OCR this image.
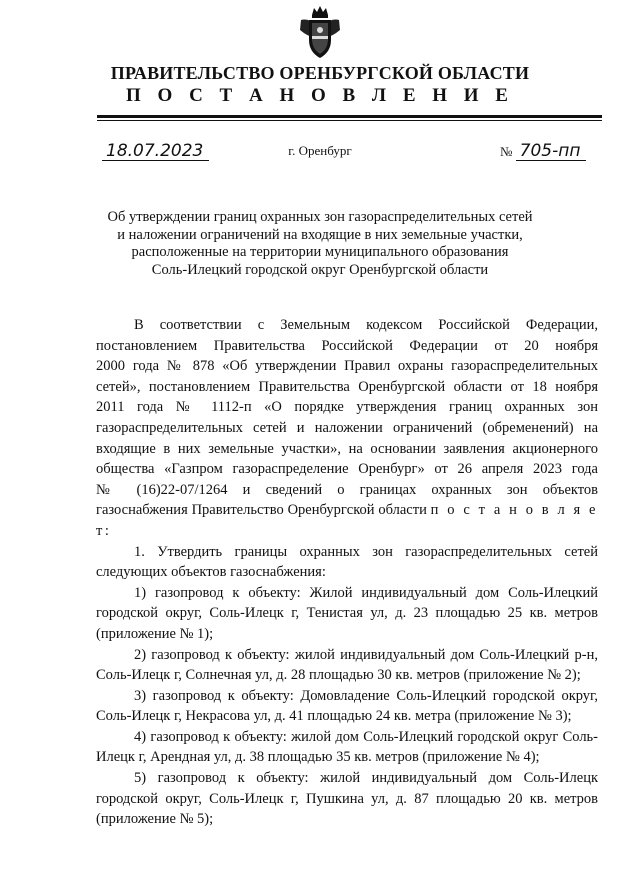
ПРАВИТЕЛЬСТВО ОРЕНБУРГСКОЙ ОБЛАСТИ
П О С Т А Н О В Л Е Н И Е
18.07.2023	г. Оренбург	№ 705-пп
Об утверждении границ охранных зон газораспределительных сетей
и наложении ограничений на входящие в них земельные участки,
расположенные на территории муниципального образования
Соль-Илецкий городской округ Оренбургской области

В соответствии с Земельным кодексом Российской Федерации,

постановлением Правительства Российской Федерации от 20 ноября

2000 года № 878 «Об утверждении Правил охраны газораспределительных

сетей», постановлением Правительства Оренбургской области от 18 ноября

2011 года № 1112-п «О порядке утверждения границ охранных зон

газораспределительных сетей и наложении ограничений (обременений) на

входящие в них земельные участки», на основании заявления акционерного

общества «Газпром газораспределение Оренбург» от 26 апреля 2023 года

№ (16)22-07/1264 и сведений о границах охранных зон объектов

газоснабжения Правительство Оренбургской области п о с т а н о в л я е т:

1. Утвердить границы охранных зон газораспределительных сетей

следующих объектов газоснабжения:

1) газопровод к объекту: Жилой индивидуальный дом Соль-Илецкий

городской округ, Соль-Илецк г, Тенистая ул, д. 23 площадью 25 кв. метров

(приложение № 1);

2) газопровод к объекту: жилой индивидуальный дом Соль-Илецкий р-н,

Соль-Илецк г, Солнечная ул, д. 28 площадью 30 кв. метров (приложение № 2);

3) газопровод к объекту: Домовладение Соль-Илецкий городской округ,

Соль-Илецк г, Некрасова ул, д. 41 площадью 24 кв. метра (приложение № 3);

4) газопровод к объекту: жилой дом Соль-Илецкий городской округ Соль-

Илецк г, Арендная ул, д. 38 площадью 35 кв. метров (приложение № 4);

5) газопровод к объекту: жилой индивидуальный дом Соль-Илецк

городской округ, Соль-Илецк г, Пушкина ул, д. 87 площадью 20 кв. метров

(приложение № 5);
